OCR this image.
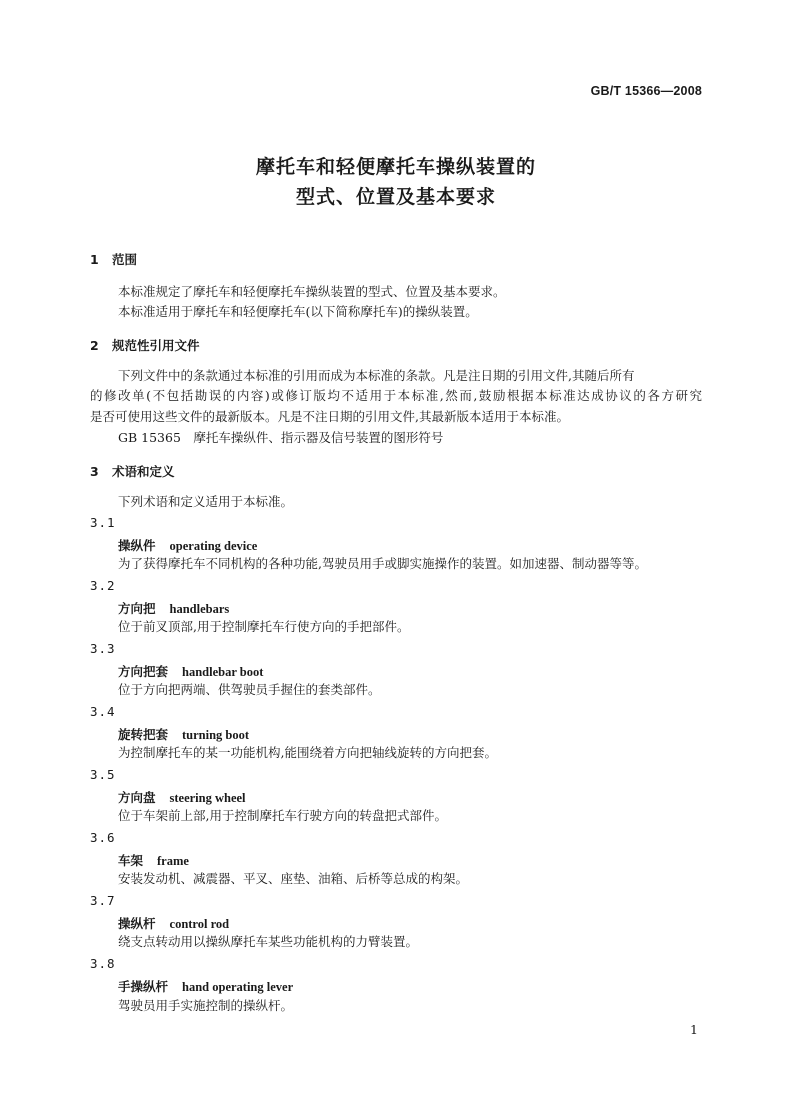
GB/T 15366—2008
摩托车和轻便摩托车操纵装置的
型式、位置及基本要求
1 范围
本标准规定了摩托车和轻便摩托车操纵装置的型式、位置及基本要求。
本标准适用于摩托车和轻便摩托车(以下简称摩托车)的操纵装置。
2 规范性引用文件
下列文件中的条款通过本标准的引用而成为本标准的条款。凡是注日期的引用文件,其随后所有
的修改单(不包括勘误的内容)或修订版均不适用于本标准,然而,鼓励根据本标准达成协议的各方研究
是否可使用这些文件的最新版本。凡是不注日期的引用文件,其最新版本适用于本标准。
GB 15365　摩托车操纵件、指示器及信号装置的图形符号
3 术语和定义
下列术语和定义适用于本标准。
3.1
操纵件 operating device
为了获得摩托车不同机构的各种功能,驾驶员用手或脚实施操作的装置。如加速器、制动器等等。
3.2
方向把 handlebars
位于前叉顶部,用于控制摩托车行使方向的手把部件。
3.3
方向把套 handlebar boot
位于方向把两端、供驾驶员手握住的套类部件。
3.4
旋转把套 turning boot
为控制摩托车的某一功能机构,能围绕着方向把轴线旋转的方向把套。
3.5
方向盘 steering wheel
位于车架前上部,用于控制摩托车行驶方向的转盘把式部件。
3.6
车架 frame
安装发动机、减震器、平叉、座垫、油箱、后桥等总成的构架。
3.7
操纵杆 control rod
绕支点转动用以操纵摩托车某些功能机构的力臂装置。
3.8
手操纵杆 hand operating lever
驾驶员用手实施控制的操纵杆。
1
